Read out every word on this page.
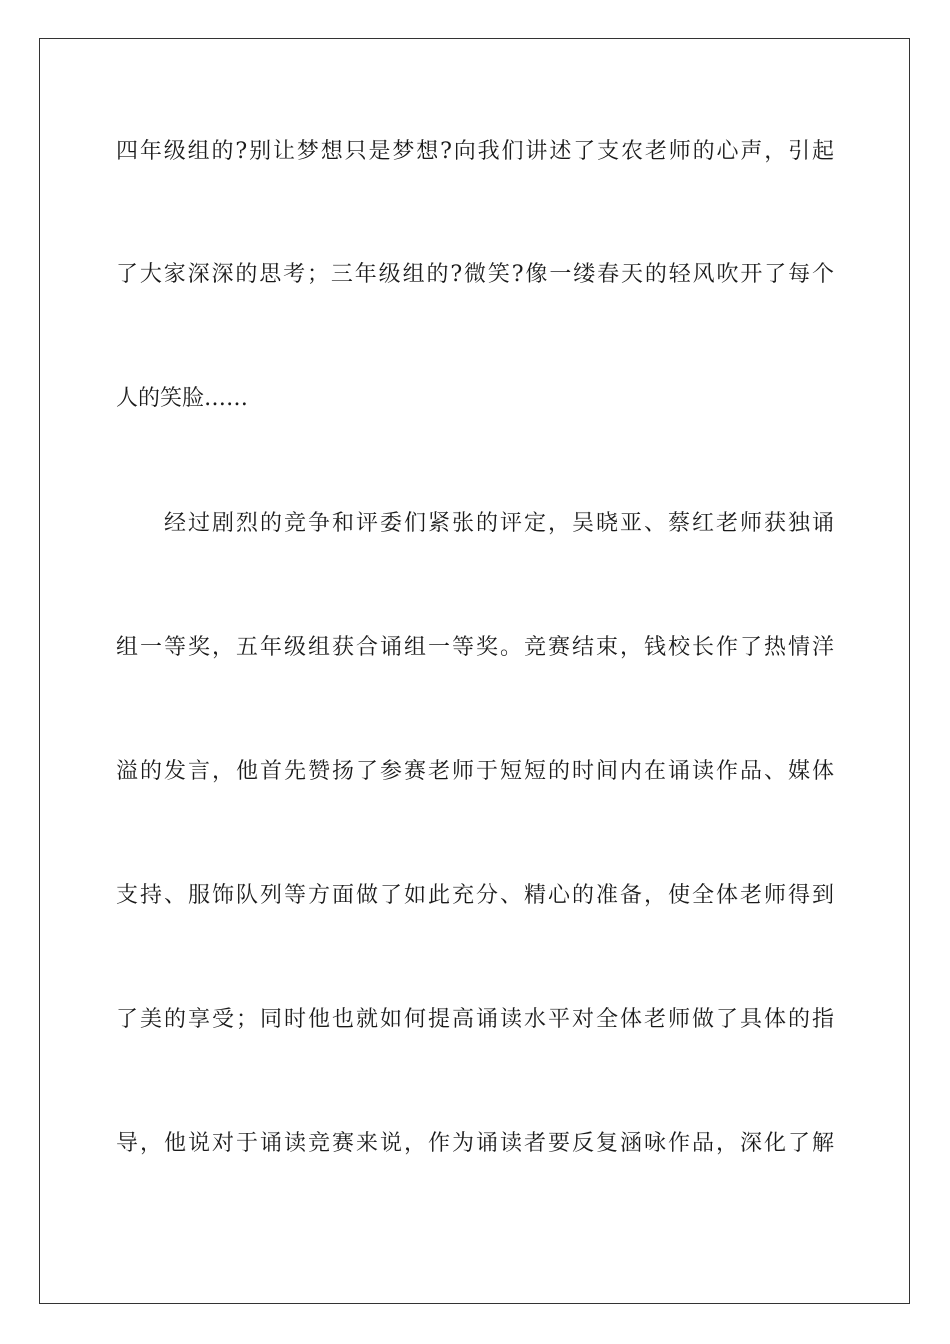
四年级组的?别让梦想只是梦想?向我们讲述了支农老师的心声，引起
了大家深深的思考；三年级组的?微笑?像一缕春天的轻风吹开了每个
人的笑脸……
经过剧烈的竞争和评委们紧张的评定，吴晓亚、蔡红老师获独诵
组一等奖，五年级组获合诵组一等奖。竞赛结束，钱校长作了热情洋
溢的发言，他首先赞扬了参赛老师于短短的时间内在诵读作品、媒体
支持、服饰队列等方面做了如此充分、精心的准备，使全体老师得到
了美的享受；同时他也就如何提高诵读水平对全体老师做了具体的指
导，他说对于诵读竞赛来说，作为诵读者要反复涵咏作品，深化了解
